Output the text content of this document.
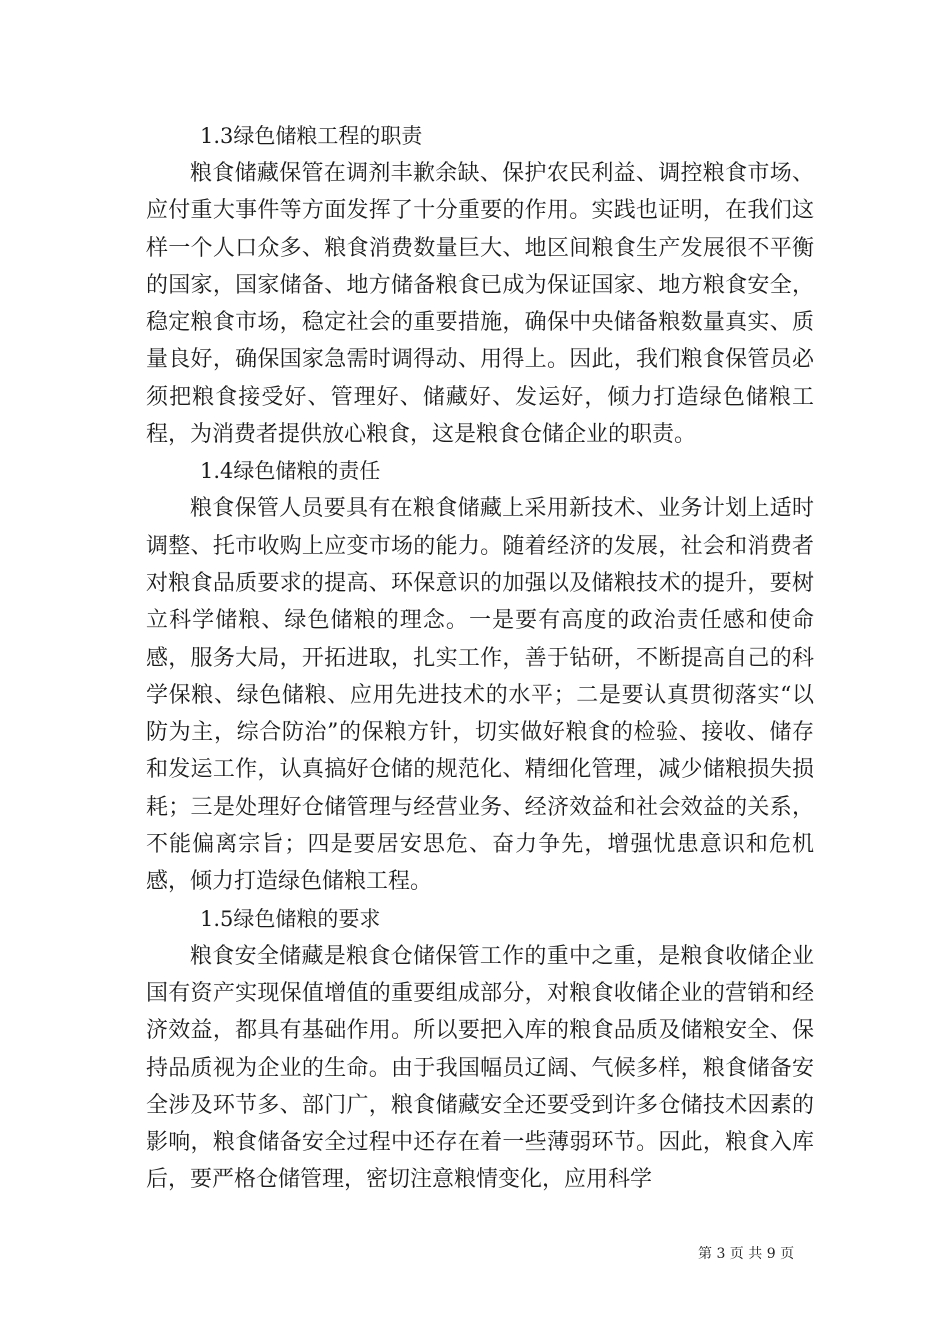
1.3绿色储粮工程的职责

粮食储藏保管在调剂丰歉余缺、保护农民利益、调控粮食市场、应付重大事件等方面发挥了十分重要的作用。实践也证明，在我们这样一个人口众多、粮食消费数量巨大、地区间粮食生产发展很不平衡的国家，国家储备、地方储备粮食已成为保证国家、地方粮食安全，稳定粮食市场，稳定社会的重要措施，确保中央储备粮数量真实、质量良好，确保国家急需时调得动、用得上。因此，我们粮食保管员必须把粮食接受好、管理好、储藏好、发运好，倾力打造绿色储粮工程，为消费者提供放心粮食，这是粮食仓储企业的职责。

1.4绿色储粮的责任

粮食保管人员要具有在粮食储藏上采用新技术、业务计划上适时调整、托市收购上应变市场的能力。随着经济的发展，社会和消费者对粮食品质要求的提高、环保意识的加强以及储粮技术的提升，要树立科学储粮、绿色储粮的理念。一是要有高度的政治责任感和使命感，服务大局，开拓进取，扎实工作，善于钻研，不断提高自己的科学保粮、绿色储粮、应用先进技术的水平；二是要认真贯彻落实“以防为主，综合防治”的保粮方针，切实做好粮食的检验、接收、储存和发运工作，认真搞好仓储的规范化、精细化管理，减少储粮损失损耗；三是处理好仓储管理与经营业务、经济效益和社会效益的关系，不能偏离宗旨；四是要居安思危、奋力争先，增强忧患意识和危机感，倾力打造绿色储粮工程。

1.5绿色储粮的要求

粮食安全储藏是粮食仓储保管工作的重中之重，是粮食收储企业国有资产实现保值增值的重要组成部分，对粮食收储企业的营销和经济效益，都具有基础作用。所以要把入库的粮食品质及储粮安全、保持品质视为企业的生命。由于我国幅员辽阔、气候多样，粮食储备安全涉及环节多、部门广，粮食储藏安全还要受到许多仓储技术因素的影响，粮食储备安全过程中还存在着一些薄弱环节。因此，粮食入库后，要严格仓储管理，密切注意粮情变化，应用科学

第 3 页 共 9 页
